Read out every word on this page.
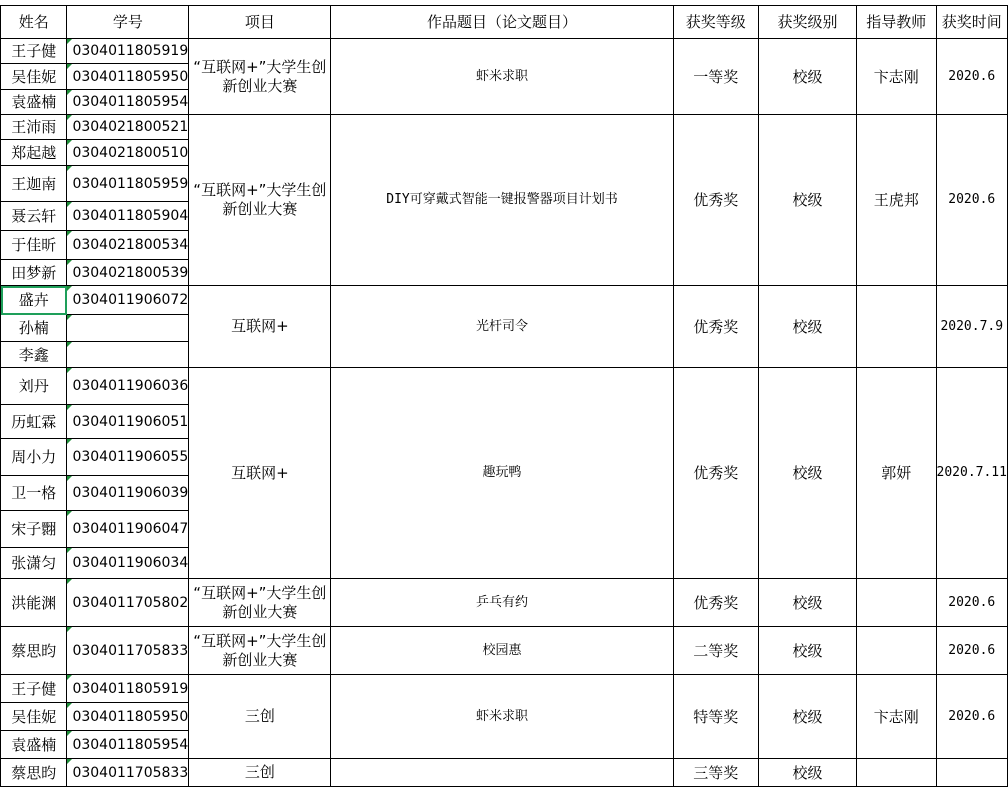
姓名	学号	项目	作品题目（论文题目）	获奖等级	获奖级别	指导教师	获奖时间
王子健	0304011805919	“互联网+”大学生创新创业大赛	虾米求职	一等奖	校级	卞志刚	2020.6
吴佳妮	0304011805950						
袁盛楠	0304011805954						
王沛雨	0304021800521	“互联网+”大学生创新创业大赛	DIY可穿戴式智能一键报警器项目计划书	优秀奖	校级	王虎邦	2020.6
郑起越	0304021800510						
王迦南	0304011805959						
聂云轩	0304011805904						
于佳昕	0304021800534						
田梦新	0304021800539						
盛卉	0304011906072	互联网+	光杆司令	优秀奖	校级		2020.7.9
孙楠							
李鑫							
刘丹	0304011906036	互联网+	趣玩鸭	优秀奖	校级	郭妍	2020.7.11
历虹霖	0304011906051						
周小力	0304011906055						
卫一格	0304011906039						
宋子翾	0304011906047						
张潇匀	0304011906034						
洪能渊	0304011705802	“互联网+”大学生创新创业大赛	乒乓有约	优秀奖	校级		2020.6
蔡思昀	0304011705833	“互联网+”大学生创新创业大赛	校园惠	二等奖	校级		2020.6
王子健	0304011805919	三创	虾米求职	特等奖	校级	卞志刚	2020.6
吴佳妮	0304011805950						
袁盛楠	0304011805954						
蔡思昀	0304011705833	三创		三等奖	校级		
